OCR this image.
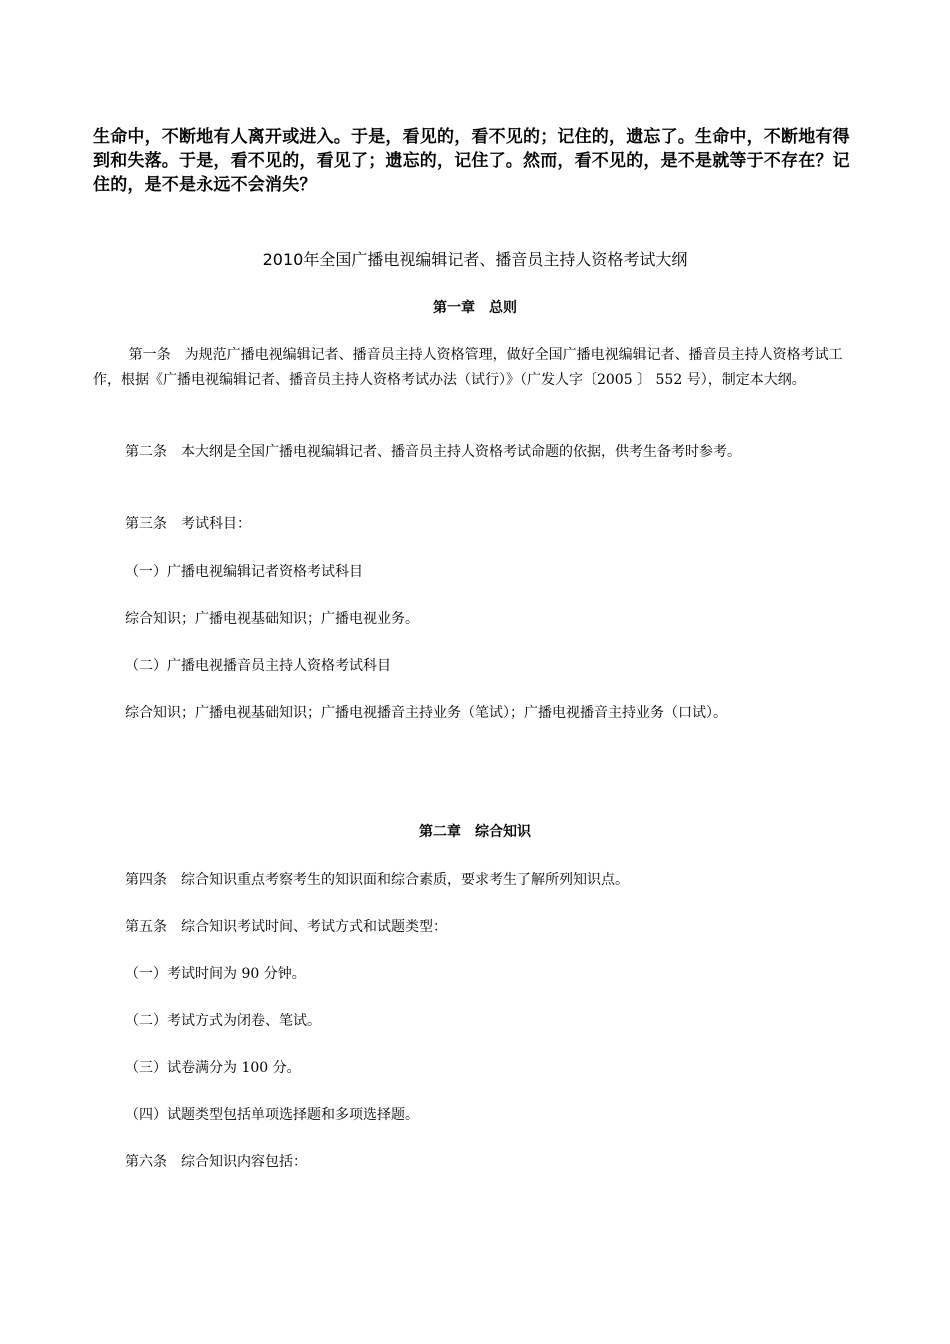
生命中，不断地有人离开或进入。于是，看见的，看不见的；记住的，遗忘了。生命中，不断地有得到和失落。于是，看不见的，看见了；遗忘的，记住了。然而，看不见的，是不是就等于不存在？记住的，是不是永远不会消失？

2010年全国广播电视编辑记者、播音员主持人资格考试大纲
第一章　总则

第一条　为规范广播电视编辑记者、播音员主持人资格管理，做好全国广播电视编辑记者、播音员主持人资格考试工作，根据《广播电视编辑记者、播音员主持人资格考试办法（试行）》（广发人字〔2005 〕 552 号），制定本大纲。

第二条　本大纲是全国广播电视编辑记者、播音员主持人资格考试命题的依据，供考生备考时参考。

第三条　考试科目：

（一）广播电视编辑记者资格考试科目

综合知识；广播电视基础知识；广播电视业务。

（二）广播电视播音员主持人资格考试科目

综合知识；广播电视基础知识；广播电视播音主持业务（笔试）；广播电视播音主持业务（口试）。

第二章　综合知识

第四条　综合知识重点考察考生的知识面和综合素质，要求考生了解所列知识点。

第五条　综合知识考试时间、考试方式和试题类型：

（一）考试时间为 90 分钟。

（二）考试方式为闭卷、笔试。

（三）试卷满分为 100 分。

（四）试题类型包括单项选择题和多项选择题。

第六条　综合知识内容包括：
